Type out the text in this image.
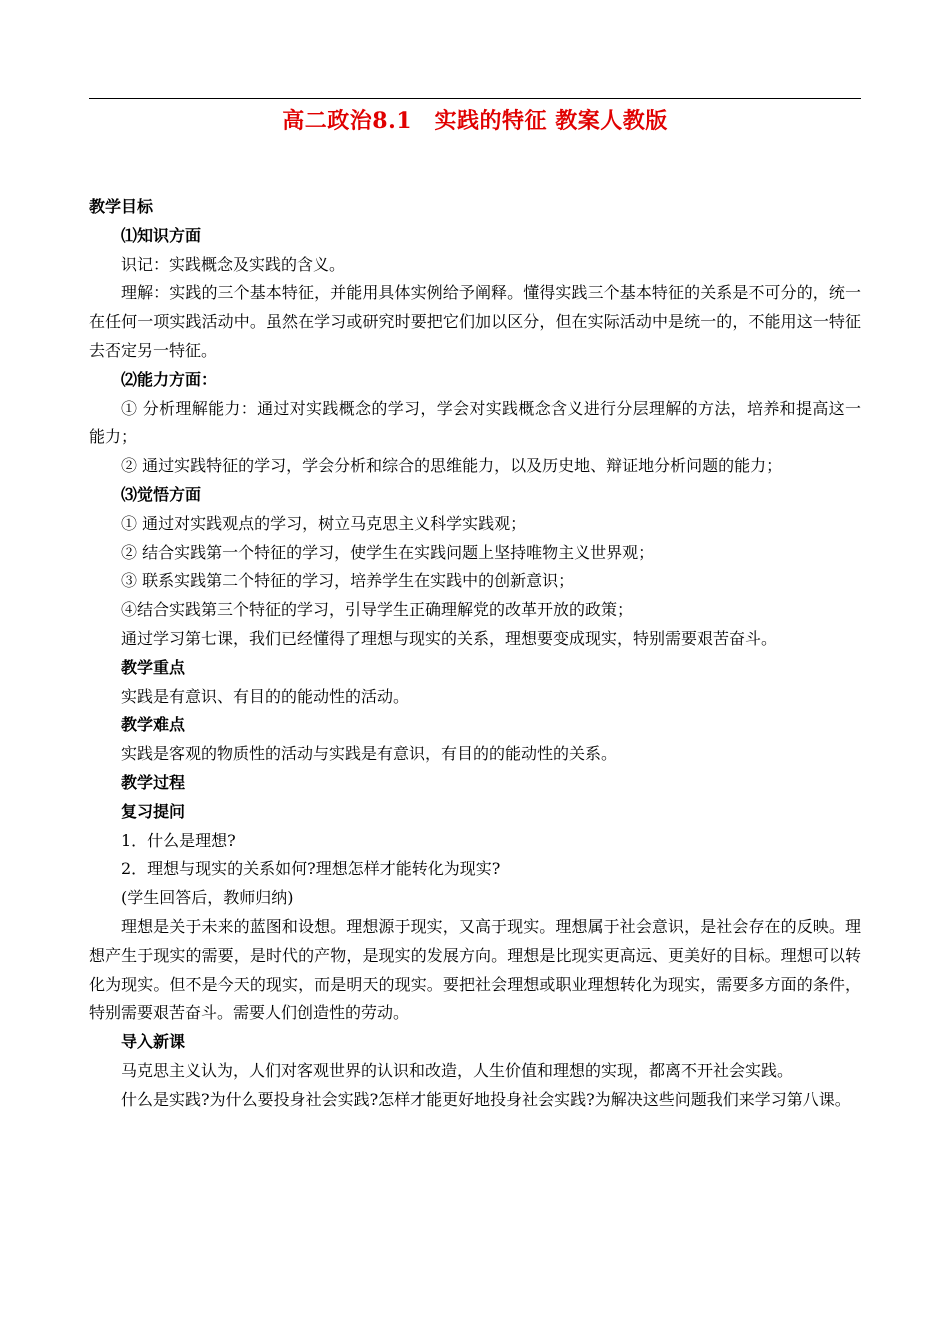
高二政治8.1　实践的特征 教案人教版

教学目标

⑴知识方面

识记：实践概念及实践的含义。

理解：实践的三个基本特征，并能用具体实例给予阐释。懂得实践三个基本特征的关系是不可分的，统一在任何一项实践活动中。虽然在学习或研究时要把它们加以区分，但在实际活动中是统一的，不能用这一特征去否定另一特征。

⑵能力方面：

① 分析理解能力：通过对实践概念的学习，学会对实践概念含义进行分层理解的方法，培养和提高这一能力；

② 通过实践特征的学习，学会分析和综合的思维能力，以及历史地、辩证地分析问题的能力；

⑶觉悟方面

① 通过对实践观点的学习，树立马克思主义科学实践观；

② 结合实践第一个特征的学习，使学生在实践问题上坚持唯物主义世界观；

③ 联系实践第二个特征的学习，培养学生在实践中的创新意识；

④结合实践第三个特征的学习，引导学生正确理解党的改革开放的政策；

通过学习第七课，我们已经懂得了理想与现实的关系，理想要变成现实，特别需要艰苦奋斗。

教学重点

实践是有意识、有目的的能动性的活动。

教学难点

实践是客观的物质性的活动与实践是有意识，有目的的能动性的关系。

教学过程

复习提问

1．什么是理想?

2．理想与现实的关系如何?理想怎样才能转化为现实?

(学生回答后，教师归纳)

理想是关于未来的蓝图和设想。理想源于现实，又高于现实。理想属于社会意识，是社会存在的反映。理想产生于现实的需要，是时代的产物，是现实的发展方向。理想是比现实更高远、更美好的目标。理想可以转化为现实。但不是今天的现实，而是明天的现实。要把社会理想或职业理想转化为现实，需要多方面的条件，特别需要艰苦奋斗。需要人们创造性的劳动。

导入新课

马克思主义认为，人们对客观世界的认识和改造，人生价值和理想的实现，都离不开社会实践。

什么是实践?为什么要投身社会实践?怎样才能更好地投身社会实践?为解决这些问题我们来学习第八课。
